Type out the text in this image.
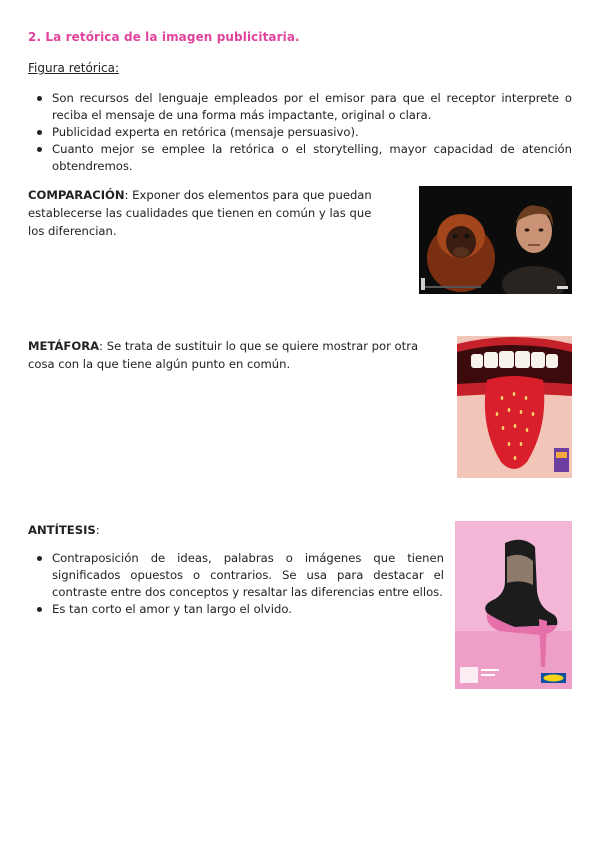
2. La retórica de la imagen publicitaria.
Figura retórica:
Son recursos del lenguaje empleados por el emisor para que el receptor interprete o reciba el mensaje de una forma más impactante, original o clara.
Publicidad experta en retórica (mensaje persuasivo).
Cuanto mejor se emplee la retórica o el storytelling, mayor capacidad de atención obtendremos.
COMPARACIÓN: Exponer dos elementos para que puedan establecerse las cualidades que tienen en común y las que los diferencian.
METÁFORA: Se trata de sustituir lo que se quiere mostrar por otra cosa con la que tiene algún punto en común.
ANTÍTESIS:
Contraposición de ideas, palabras o imágenes que tienen significados opuestos o contrarios. Se usa para destacar el contraste entre dos conceptos y resaltar las diferencias entre ellos.
Es tan corto el amor y tan largo el olvido.
